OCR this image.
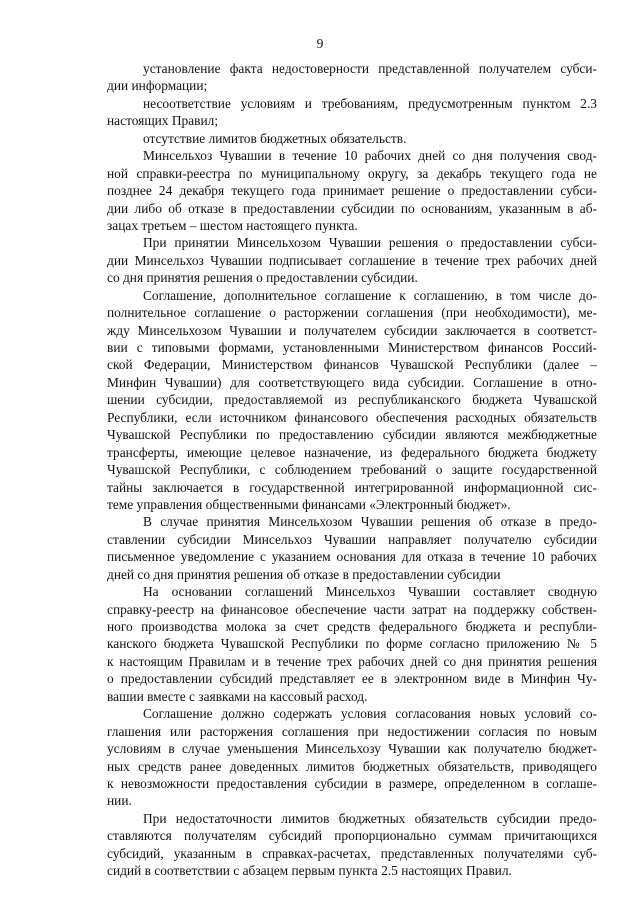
9
установление факта недостоверности представленной получателем субси-
дии информации;
несоответствие условиям и требованиям, предусмотренным пунктом 2.3
настоящих Правил;
отсутствие лимитов бюджетных обязательств.
Минсельхоз Чувашии в течение 10 рабочих дней со дня получения свод-
ной справки-реестра по муниципальному округу, за декабрь текущего года не
позднее 24 декабря текущего года принимает решение о предоставлении субси-
дии либо об отказе в предоставлении субсидии по основаниям, указанным в аб-
зацах третьем – шестом настоящего пункта.
При принятии Минсельхозом Чувашии решения о предоставлении субси-
дии Минсельхоз Чувашии подписывает соглашение в течение трех рабочих дней
со дня принятия решения о предоставлении субсидии.
Соглашение, дополнительное соглашение к соглашению, в том числе до-
полнительное соглашение о расторжении соглашения (при необходимости), ме-
жду Минсельхозом Чувашии и получателем субсидии заключается в соответст-
вии с типовыми формами, установленными Министерством финансов Россий-
ской Федерации, Министерством финансов Чувашской Республики (далее –
Минфин Чувашии) для соответствующего вида субсидии. Соглашение в отно-
шении субсидии, предоставляемой из республиканского бюджета Чувашской
Республики, если источником финансового обеспечения расходных обязательств
Чувашской Республики по предоставлению субсидии являются межбюджетные
трансферты, имеющие целевое назначение, из федерального бюджета бюджету
Чувашской Республики, с соблюдением требований о защите государственной
тайны заключается в государственной интегрированной информационной сис-
теме управления общественными финансами «Электронный бюджет».
В случае принятия Минсельхозом Чувашии решения об отказе в предо-
ставлении субсидии Минсельхоз Чувашии направляет получателю субсидии
письменное уведомление с указанием основания для отказа в течение 10 рабочих
дней со дня принятия решения об отказе в предоставлении субсидии
На основании соглашений Минсельхоз Чувашии составляет сводную
справку-реестр на финансовое обеспечение части затрат на поддержку собствен-
ного производства молока за счет средств федерального бюджета и республи-
канского бюджета Чувашской Республики по форме согласно приложению № 5
к настоящим Правилам и в течение трех рабочих дней со дня принятия решения
о предоставлении субсидий представляет ее в электронном виде в Минфин Чу-
вашии вместе с заявками на кассовый расход.
Соглашение должно содержать условия согласования новых условий со-
глашения или расторжения соглашения при недостижении согласия по новым
условиям в случае уменьшения Минсельхозу Чувашии как получателю бюджет-
ных средств ранее доведенных лимитов бюджетных обязательств, приводящего
к невозможности предоставления субсидии в размере, определенном в соглаше-
нии.
При недостаточности лимитов бюджетных обязательств субсидии предо-
ставляются получателям субсидий пропорционально суммам причитающихся
субсидий, указанным в справках-расчетах, представленных получателями суб-
сидий в соответствии с абзацем первым пункта 2.5 настоящих Правил.
